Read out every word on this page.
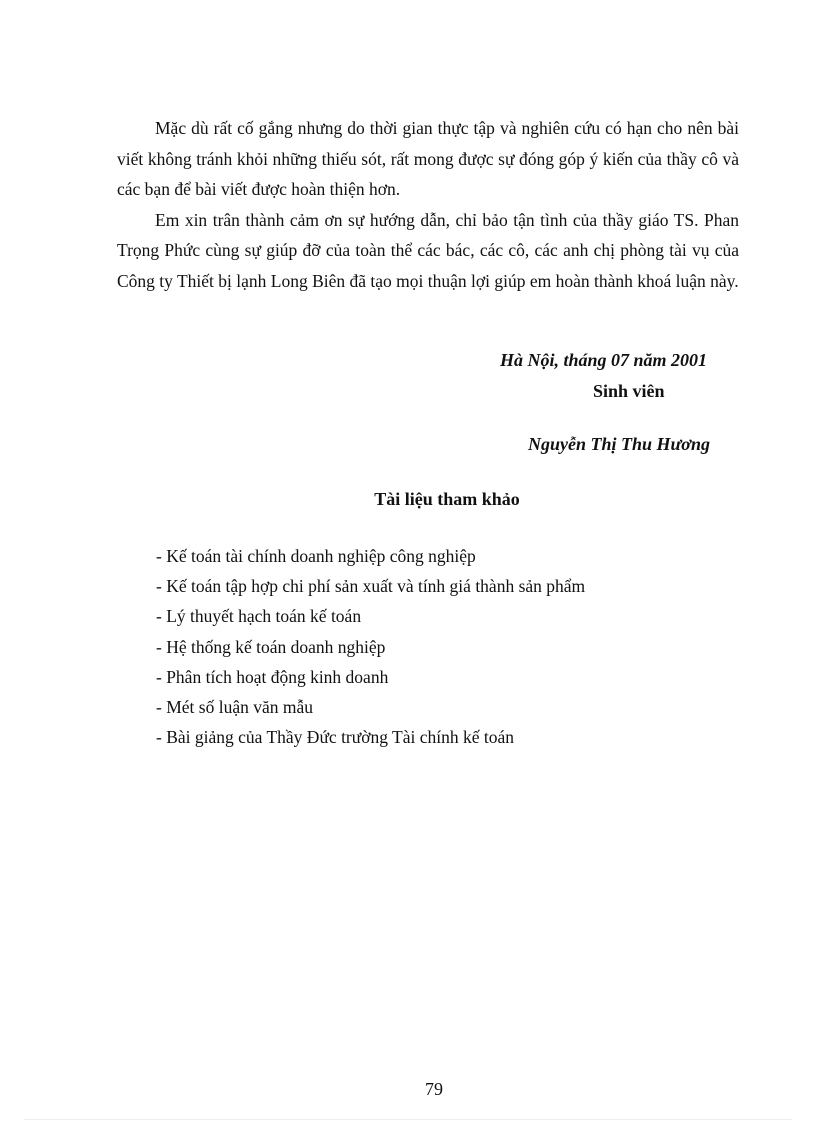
Mặc dù rất cố gắng nhưng do thời gian thực tập và nghiên cứu có hạn cho nên bài viết không tránh khỏi những thiếu sót, rất mong được sự đóng góp ý kiến của thầy cô và các bạn để bài viết được hoàn thiện hơn.

Em xin trân thành cảm ơn sự hướng dẫn, chỉ bảo tận tình của thầy giáo TS. Phan Trọng Phức cùng sự giúp đỡ của toàn thể các bác, các cô, các anh chị phòng tài vụ của Công ty Thiết bị lạnh Long Biên đã tạo mọi thuận lợi giúp em hoàn thành khoá luận này.

Hà Nội, tháng 07 năm 2001
Sinh viên
Nguyễn Thị Thu Hương
Tài liệu tham khảo
- Kế toán tài chính doanh nghiệp công nghiệp
- Kế toán tập hợp chi phí sản xuất và tính giá thành sản phẩm
- Lý thuyết hạch toán kế toán
- Hệ thống kế toán doanh nghiệp
- Phân tích hoạt động kinh doanh
- Mét số luận văn mẫu
- Bài giảng của Thầy Đức trường Tài chính kế toán
79
